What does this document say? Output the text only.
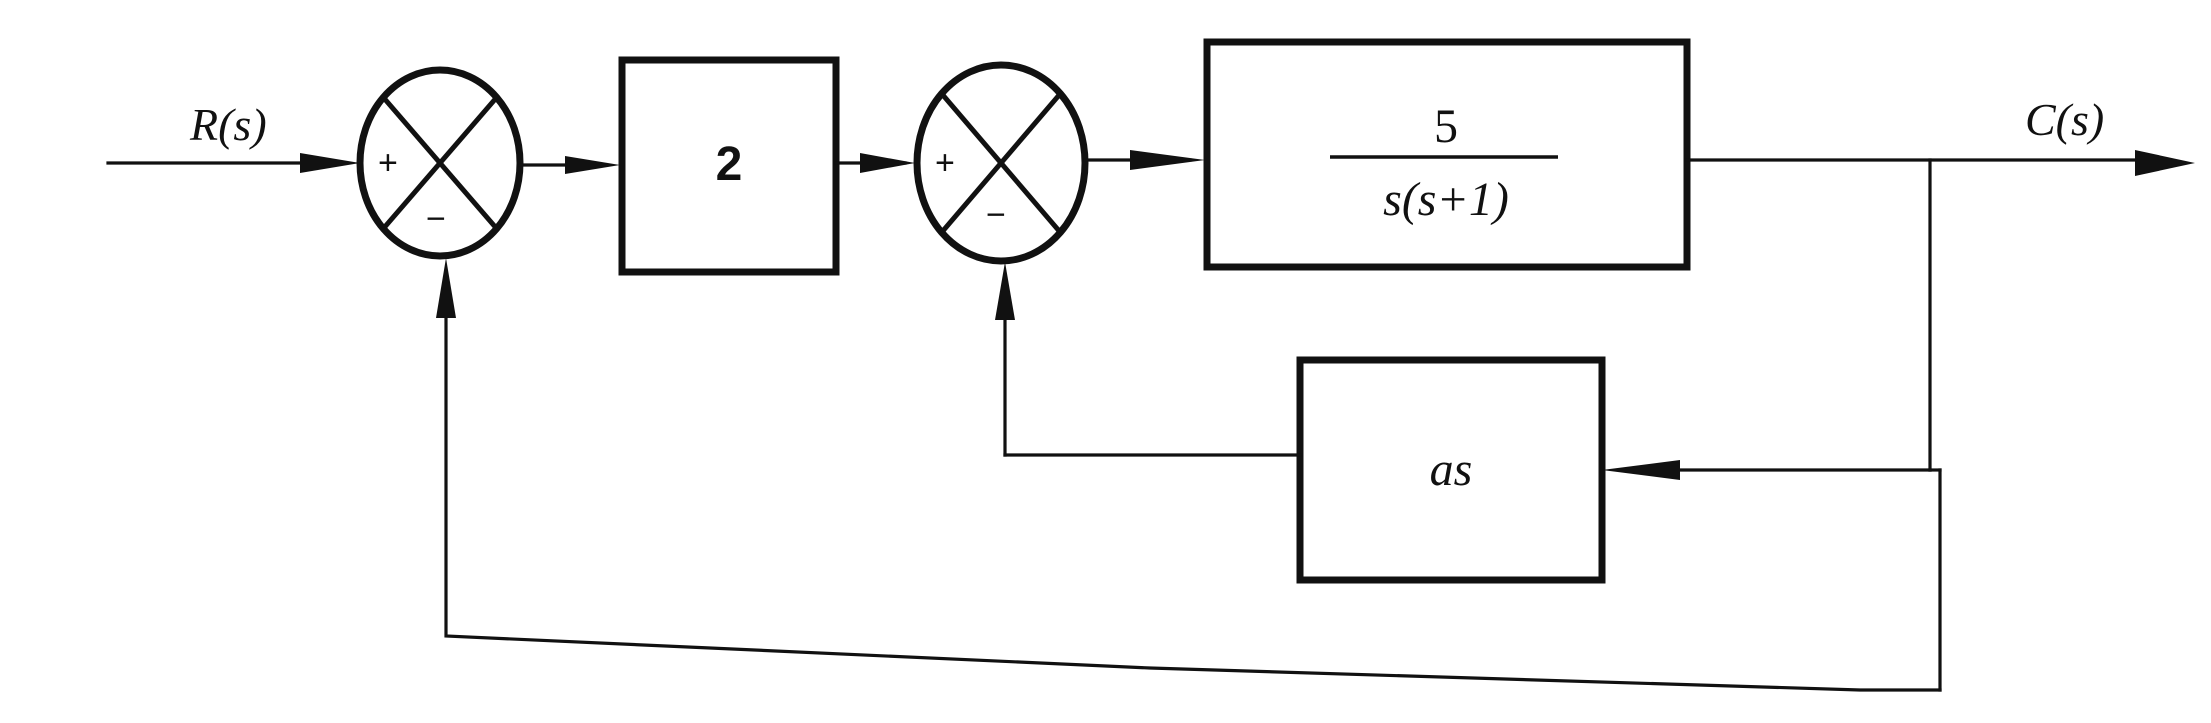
R(s)
+
−
2	+
−
5
s(s+1)
C(s)
as
